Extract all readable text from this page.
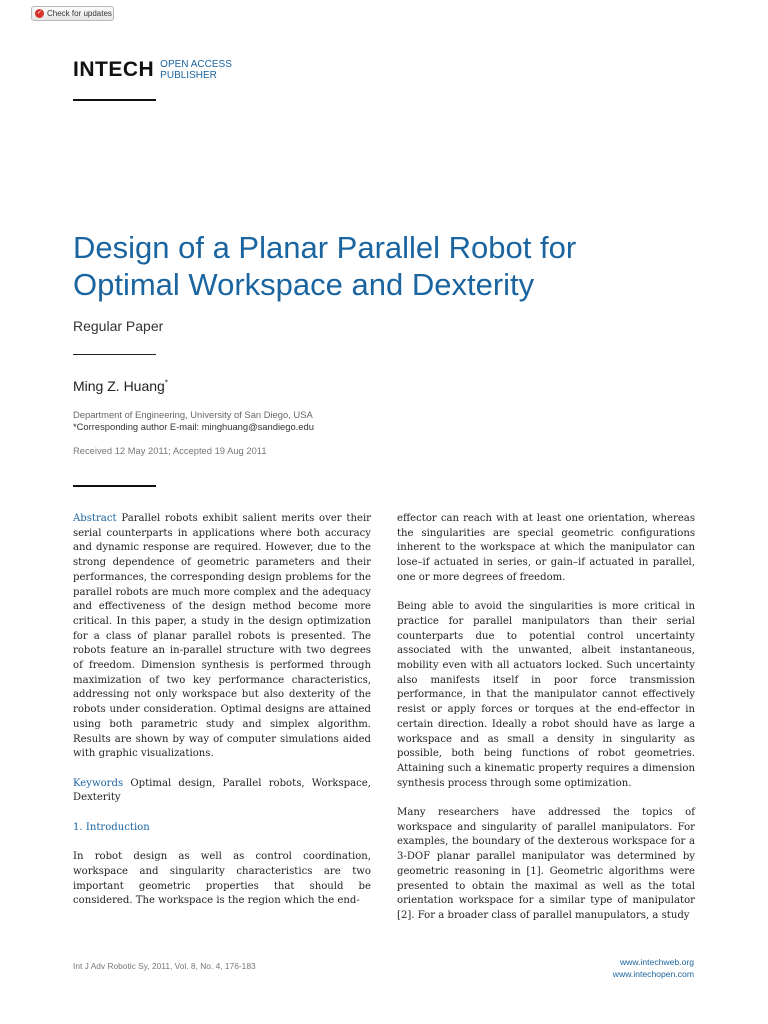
✓ Check for updates
INTECH OPEN ACCESS
PUBLISHER
Design of a Planar Parallel Robot for Optimal Workspace and Dexterity
Regular Paper
Ming Z. Huang*
Department of Engineering, University of San Diego, USA
*Corresponding author E-mail: minghuang@sandiego.edu
Received 12 May 2011; Accepted 19 Aug 2011

Abstract Parallel robots exhibit salient merits over their serial counterparts in applications where both accuracy and dynamic response are required. However, due to the strong dependence of geometric parameters and their performances, the corresponding design problems for the parallel robots are much more complex and the adequacy and effectiveness of the design method become more critical. In this paper, a study in the design optimization for a class of planar parallel robots is presented. The robots feature an in-parallel structure with two degrees of freedom. Dimension synthesis is performed through maximization of two key performance characteristics, addressing not only workspace but also dexterity of the robots under consideration. Optimal designs are attained using both parametric study and simplex algorithm. Results are shown by way of computer simulations aided with graphic visualizations.

Keywords Optimal design, Parallel robots, Workspace, Dexterity

1. Introduction

In robot design as well as control coordination, workspace and singularity characteristics are two important geometric properties that should be considered. The workspace is the region which the end-

effector can reach with at least one orientation, whereas the singularities are special geometric configurations inherent to the workspace at which the manipulator can lose–if actuated in series, or gain–if actuated in parallel, one or more degrees of freedom.

Being able to avoid the singularities is more critical in practice for parallel manipulators than their serial counterparts due to potential control uncertainty associated with the unwanted, albeit instantaneous, mobility even with all actuators locked. Such uncertainty also manifests itself in poor force transmission performance, in that the manipulator cannot effectively resist or apply forces or torques at the end-effector in certain direction. Ideally a robot should have as large a workspace and as small a density in singularity as possible, both being functions of robot geometries. Attaining such a kinematic property requires a dimension synthesis process through some optimization.

Many researchers have addressed the topics of workspace and singularity of parallel manipulators. For examples, the boundary of the dexterous workspace for a 3-DOF planar parallel manipulator was determined by geometric reasoning in [1]. Geometric algorithms were presented to obtain the maximal as well as the total orientation workspace for a similar type of manipulator [2]. For a broader class of parallel manupulators, a study

Int J Adv Robotic Sy, 2011, Vol. 8, No. 4, 176-183	www.intechweb.org
www.intechopen.com
